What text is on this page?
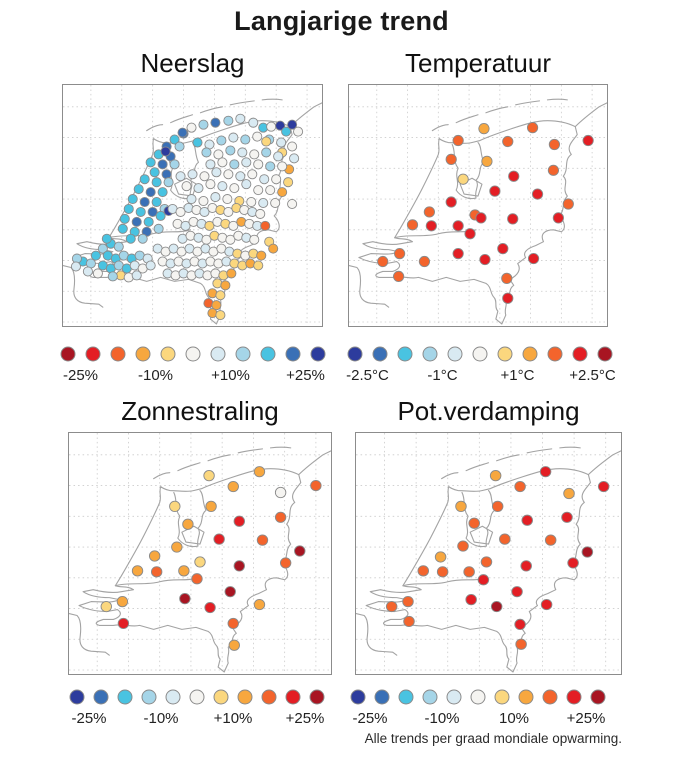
Langjarige trend
Neerslag	Temperatuur
Zonnestraling	Pot.verdamping
-25%	-10%	+10% +25% -2.5°C	-1°C	+1°C +2.5°C
-25% -10% +10% +25% -25% -10%	10%	+25%
Alle trends per graad mondiale opwarming.
